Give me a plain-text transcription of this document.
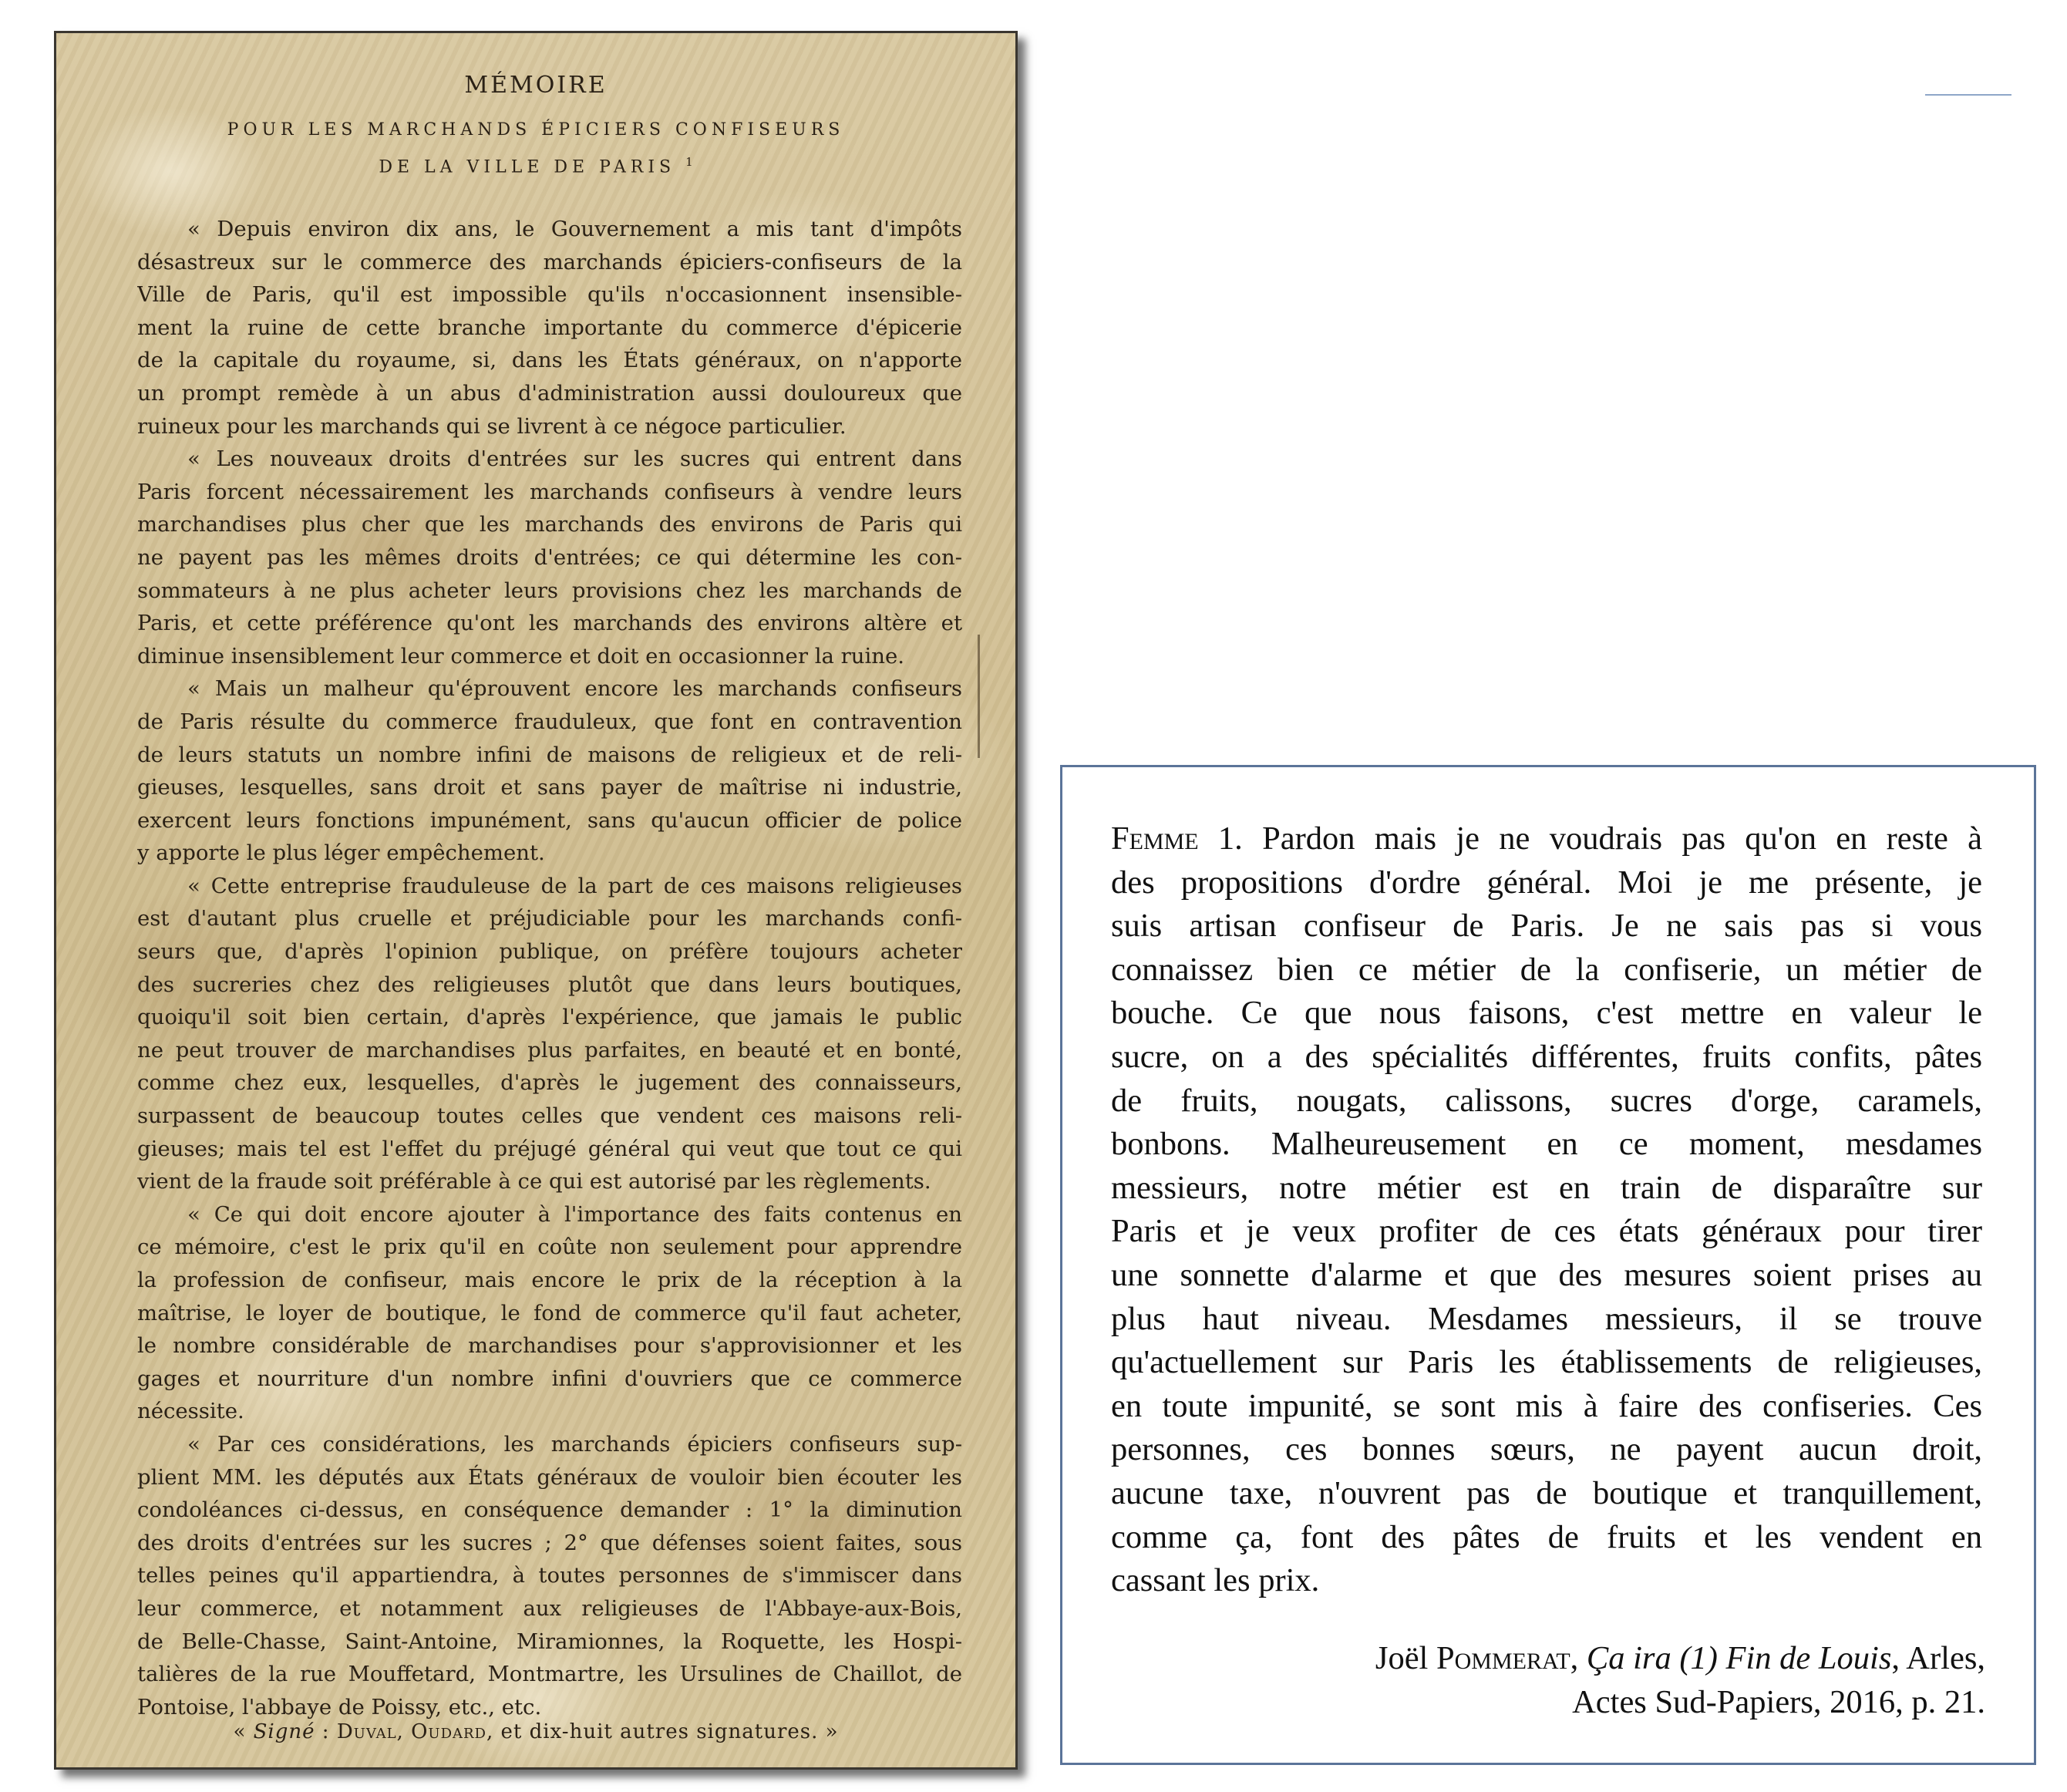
MÉMOIRE
POUR LES MARCHANDS ÉPICIERS CONFISEURS
DE LA VILLE DE PARIS $^1$

« Depuis environ dix ans, le Gouvernement a mis tant d'impôts
désastreux sur le commerce des marchands épiciers-confiseurs de la
Ville de Paris, qu'il est impossible qu'ils n'occasionnent insensible-
ment la ruine de cette branche importante du commerce d'épicerie
de la capitale du royaume, si, dans les États généraux, on n'apporte
un prompt remède à un abus d'administration aussi douloureux que
ruineux pour les marchands qui se livrent à ce négoce particulier.

« Les nouveaux droits d'entrées sur les sucres qui entrent dans
Paris forcent nécessairement les marchands confiseurs à vendre leurs
marchandises plus cher que les marchands des environs de Paris qui
ne payent pas les mêmes droits d'entrées; ce qui détermine les con-
sommateurs à ne plus acheter leurs provisions chez les marchands de
Paris, et cette préférence qu'ont les marchands des environs altère et
diminue insensiblement leur commerce et doit en occasionner la ruine.

« Mais un malheur qu'éprouvent encore les marchands confiseurs
de Paris résulte du commerce frauduleux, que font en contravention
de leurs statuts un nombre infini de maisons de religieux et de reli-
gieuses, lesquelles, sans droit et sans payer de maîtrise ni industrie,
exercent leurs fonctions impunément, sans qu'aucun officier de police
y apporte le plus léger empêchement.

« Cette entreprise frauduleuse de la part de ces maisons religieuses
est d'autant plus cruelle et préjudiciable pour les marchands confi-
seurs que, d'après l'opinion publique, on préfère toujours acheter
des sucreries chez des religieuses plutôt que dans leurs boutiques,
quoiqu'il soit bien certain, d'après l'expérience, que jamais le public
ne peut trouver de marchandises plus parfaites, en beauté et en bonté,
comme chez eux, lesquelles, d'après le jugement des connaisseurs,
surpassent de beaucoup toutes celles que vendent ces maisons reli-
gieuses; mais tel est l'effet du préjugé général qui veut que tout ce qui
vient de la fraude soit préférable à ce qui est autorisé par les règlements.

« Ce qui doit encore ajouter à l'importance des faits contenus en
ce mémoire, c'est le prix qu'il en coûte non seulement pour apprendre
la profession de confiseur, mais encore le prix de la réception à la
maîtrise, le loyer de boutique, le fond de commerce qu'il faut acheter,
le nombre considérable de marchandises pour s'approvisionner et les
gages et nourriture d'un nombre infini d'ouvriers que ce commerce
nécessite.

« Par ces considérations, les marchands épiciers confiseurs sup-
plient MM. les députés aux États généraux de vouloir bien écouter les
condoléances ci-dessus, en conséquence demander : 1° la diminution
des droits d'entrées sur les sucres ; 2° que défenses soient faites, sous
telles peines qu'il appartiendra, à toutes personnes de s'immiscer dans
leur commerce, et notamment aux religieuses de l'Abbaye-aux-Bois,
de Belle-Chasse, Saint-Antoine, Miramionnes, la Roquette, les Hospi-
talières de la rue Mouffetard, Montmartre, les Ursulines de Chaillot, de
Pontoise, l'abbaye de Poissy, etc., etc.

« Signé : Duval, Oudard, et dix-huit autres signatures. »
Femme 1. Pardon mais je ne voudrais pas qu'on en reste à
des propositions d'ordre général. Moi je me présente, je
suis artisan confiseur de Paris. Je ne sais pas si vous
connaissez bien ce métier de la confiserie, un métier de
bouche. Ce que nous faisons, c'est mettre en valeur le
sucre, on a des spécialités différentes, fruits confits, pâtes
de fruits, nougats, calissons, sucres d'orge, caramels,
bonbons. Malheureusement en ce moment, mesdames
messieurs, notre métier est en train de disparaître sur
Paris et je veux profiter de ces états généraux pour tirer
une sonnette d'alarme et que des mesures soient prises au
plus haut niveau. Mesdames messieurs, il se trouve
qu'actuellement sur Paris les établissements de religieuses,
en toute impunité, se sont mis à faire des confiseries. Ces
personnes, ces bonnes sœurs, ne payent aucun droit,
aucune taxe, n'ouvrent pas de boutique et tranquillement,
comme ça, font des pâtes de fruits et les vendent en
cassant les prix.
Joël Pommerat, Ça ira (1) Fin de Louis, Arles,
Actes Sud-Papiers, 2016, p. 21.
